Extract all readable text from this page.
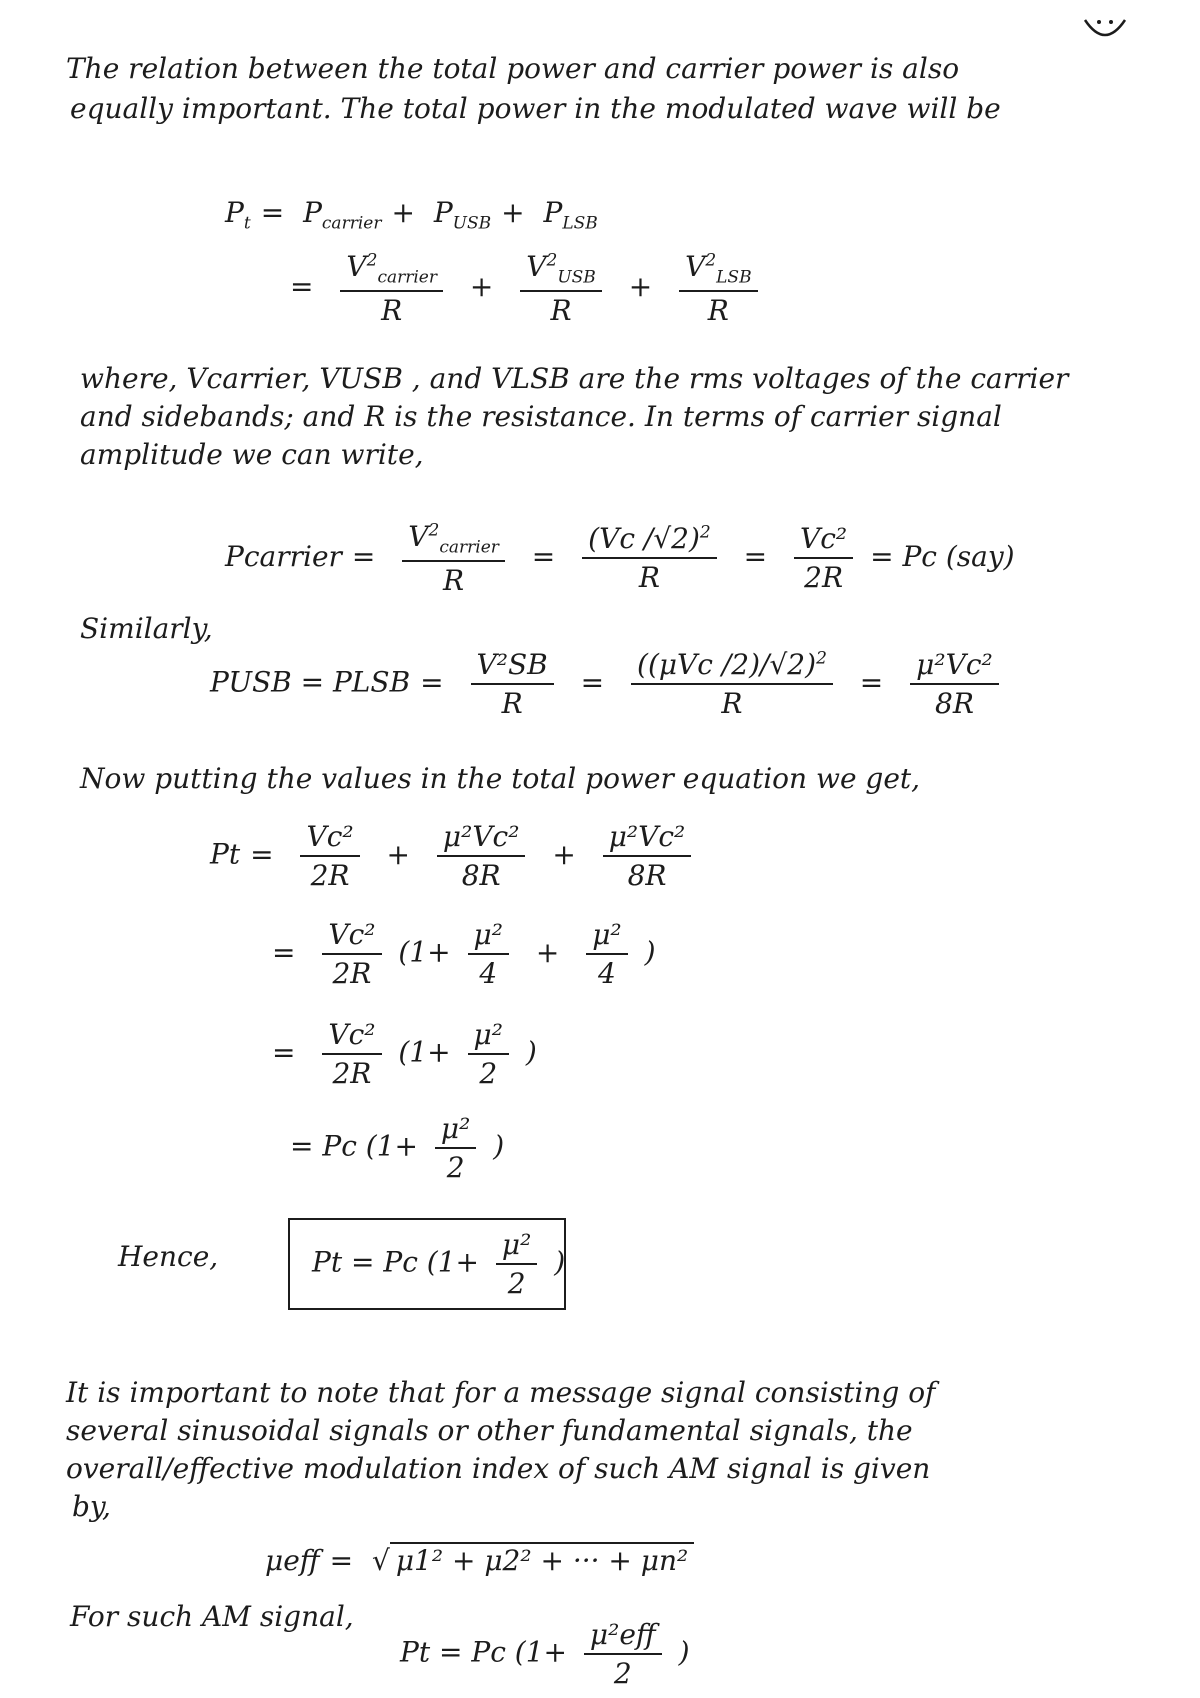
The relation between the total power and carrier power is also
equally important. The total power in the modulated wave will be
$P_t = P_{carrier} + P_{USB} + P_{LSB}$
= $\frac{V^2_{carrier}}{R} + \frac{V^2_{USB}}{R} + \frac{V^2_{LSB}}{R}$
where, Vcarrier, VUSB , and VLSB are the rms voltages of the carrier
and sidebands; and R is the resistance. In terms of carrier signal
amplitude we can write,
Pcarrier = $\frac{V^2_{carrier}}{R} = \frac{(Vc /√2)^2}{R} = \frac{\text{Vc²}}{2R} = Pc$ (say)
Similarly,
PUSB = PLSB = $\frac{\text{V²SB}}{R} = \frac{((\mu Vc /2)/√2)^2}{R} = \frac{\text{μ²Vc²}}{8R}$
Now putting the values in the total power equation we get,
$Pt = \frac{\text{Vc²}}{2R} + \frac{\text{μ²Vc²}}{8R} + \frac{\text{μ²Vc²}}{8R}$
= $\frac{\text{Vc²}}{2R} (1+ \frac{\text{μ²}}{4} + \frac{\text{μ²}}{4}$ )
= $\frac{\text{Vc²}}{2R} (1+ \frac{\text{μ²}}{2}$ )
= Pc ($1+ \frac{\text{μ²}}{2}$ )
Hence,	Pt = Pc ($1+ \frac{\text{μ²}}{2}$ )
It is important to note that for a message signal consisting of
several sinusoidal signals or other fundamental signals, the
overall/effective modulation index of such AM signal is given
by,
μeff = √ μ1² + μ2² + ··· + μn²
For such AM signal,
Pt = Pc ($1+ \frac{\text{μ²eff}}{2}$ )
